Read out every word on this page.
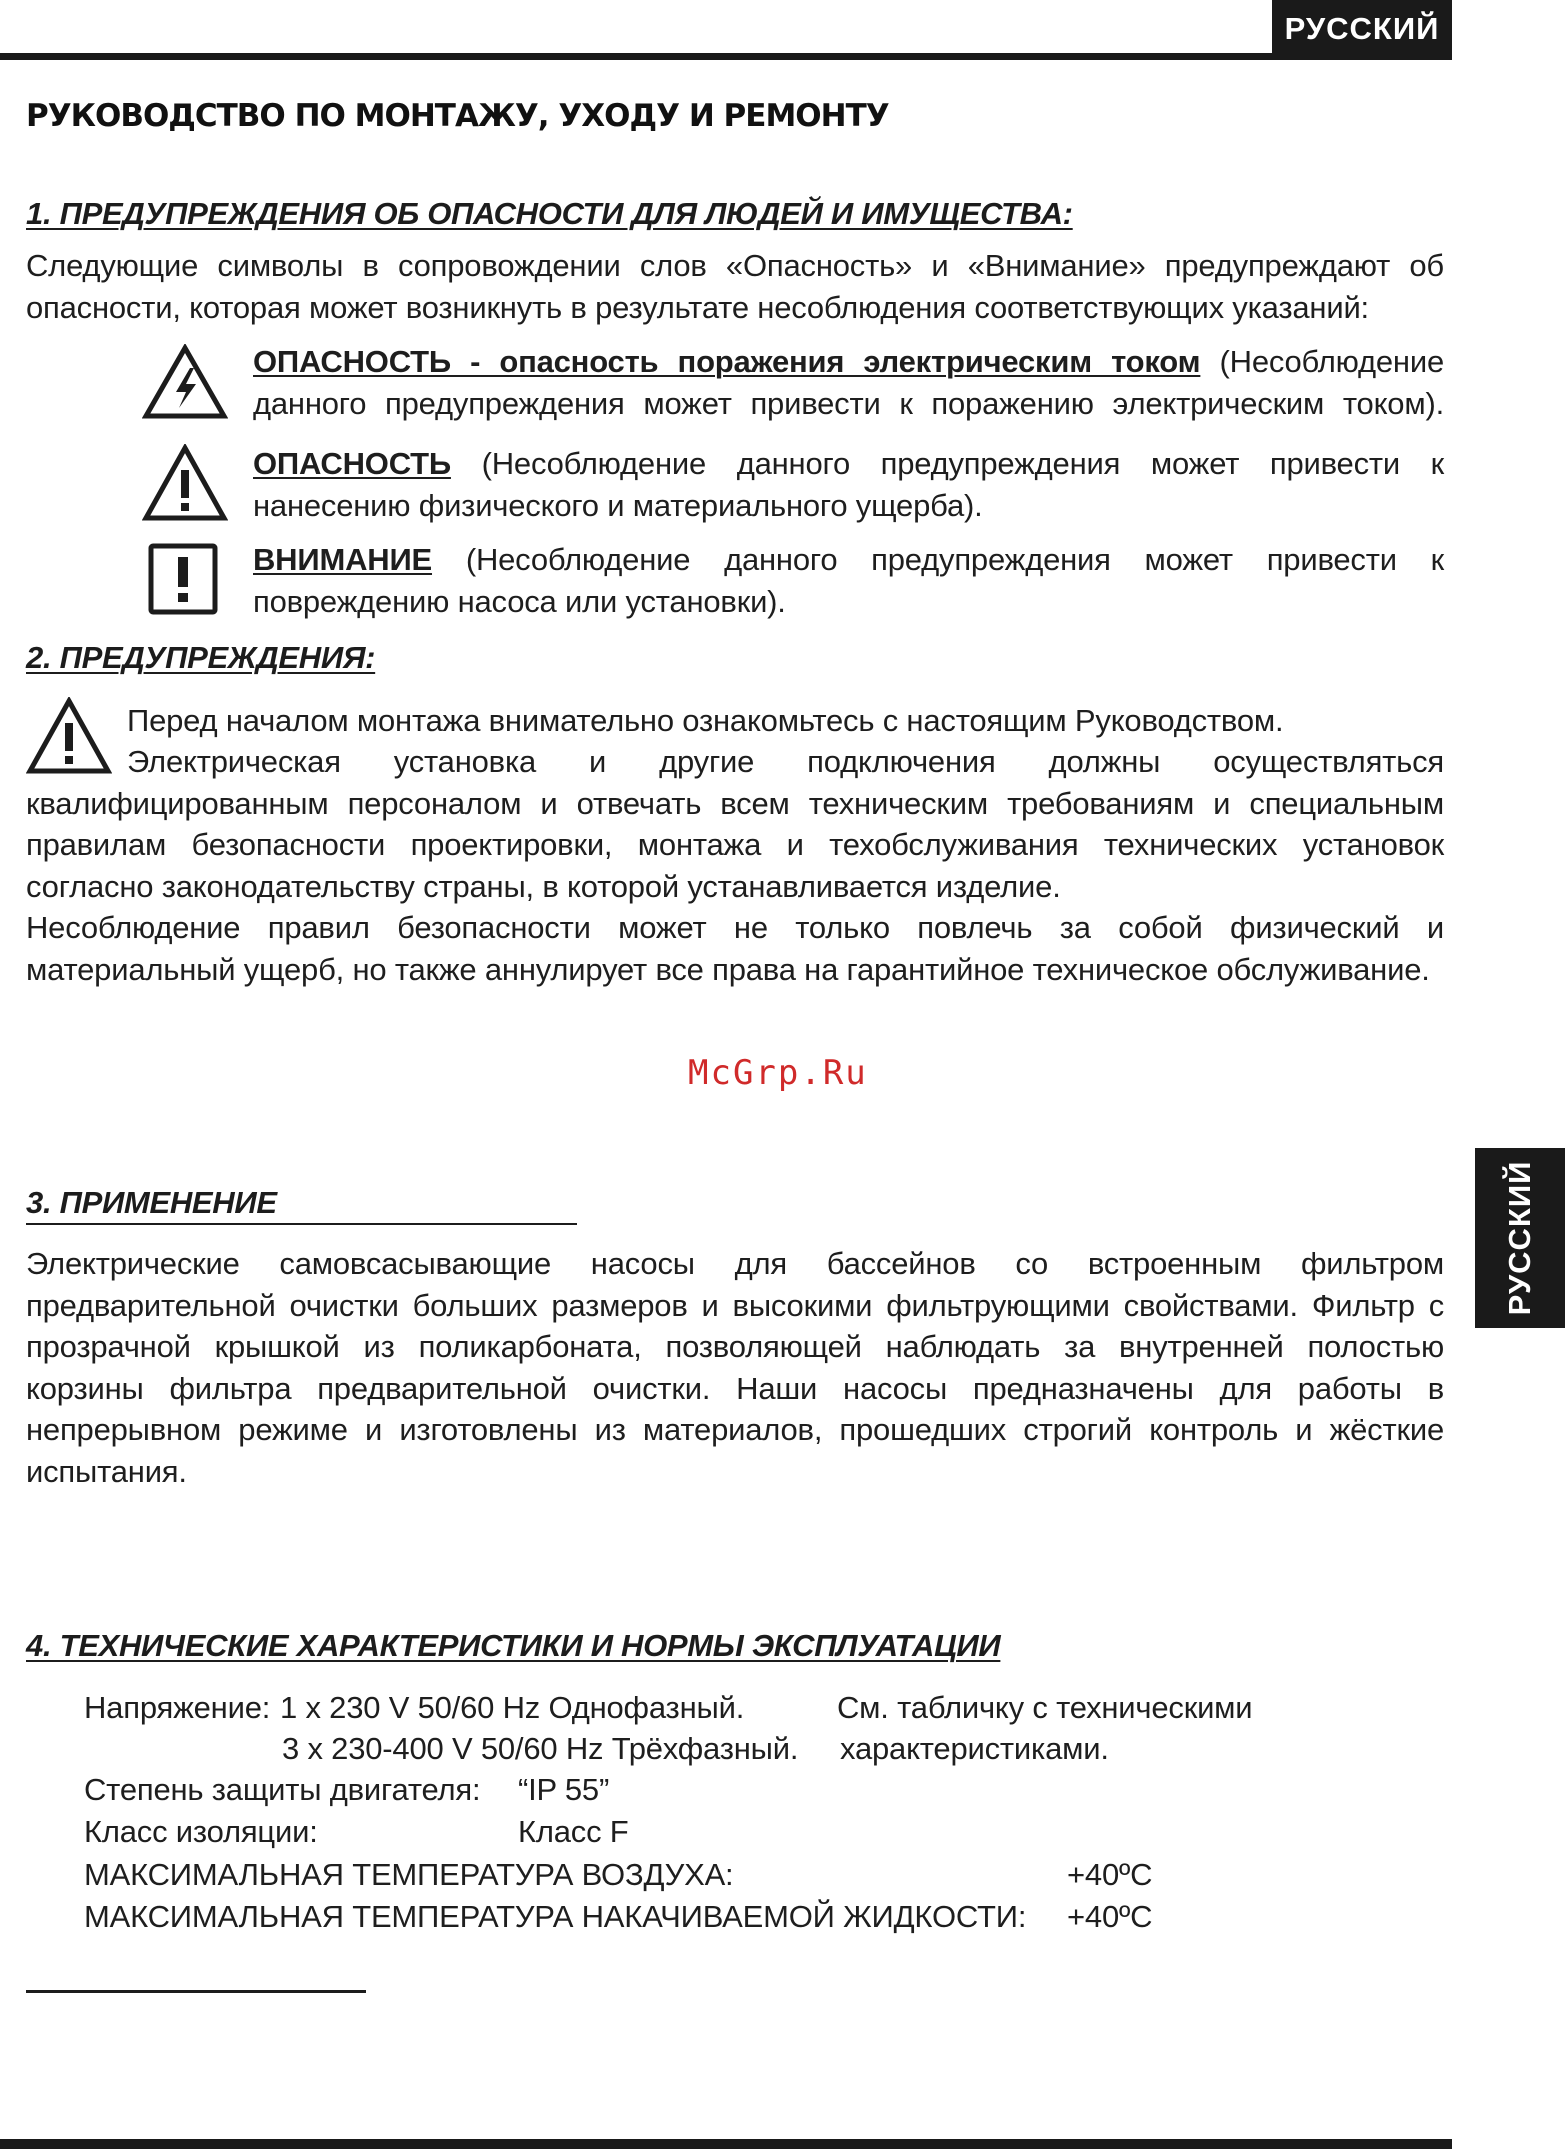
РУССКИЙ
РУССКИЙ
РУКОВОДСТВО ПО МОНТАЖУ, УХОДУ И РЕМОНТУ
1. ПРЕДУПРЕЖДЕНИЯ ОБ ОПАСНОСТИ ДЛЯ ЛЮДЕЙ И ИМУЩЕСТВА:
Следующие символы в сопровождении слов «Опасность» и «Внимание» предупреждают об опасности, которая может возникнуть в результате несоблюдения соответствующих указаний:
ОПАСНОСТЬ - опасность поражения электрическим током (Несоблюдение данного предупреждения может привести к поражению электрическим током).
ОПАСНОСТЬ (Несоблюдение данного предупреждения может привести к нанесению физического и материального ущерба).
ВНИМАНИЕ (Несоблюдение данного предупреждения может привести к повреждению насоса или установки).
2. ПРЕДУПРЕЖДЕНИЯ:
Перед началом монтажа внимательно ознакомьтесь с настоящим Руководством.
Электрическая установка и другие подключения должны осуществляться квалифицированным персоналом и отвечать всем техническим требованиям и специальным правилам безопасности проектировки, монтажа и техобслуживания технических установок согласно законодательству страны, в которой устанавливается изделие.
Несоблюдение правил безопасности может не только повлечь за собой физический и материальный ущерб, но также аннулирует все права на гарантийное техническое обслуживание.
McGrp.Ru
3. ПРИМЕНЕНИЕ
Электрические самовсасывающие насосы для бассейнов со встроенным фильтром предварительной очистки больших размеров и высокими фильтрующими свойствами. Фильтр с прозрачной крышкой из поликарбоната, позволяющей наблюдать за внутренней полостью корзины фильтра предварительной очистки. Наши насосы предназначены для работы в непрерывном режиме и изготовлены из материалов, прошедших строгий контроль и жёсткие испытания.
4. ТЕХНИЧЕСКИЕ ХАРАКТЕРИСТИКИ И НОРМЫ ЭКСПЛУАТАЦИИ
Напряжение: 1 x 230 V 50/60 Hz Однофазный.	См. табличку с техническими
3 x 230-400 V 50/60 Hz Трёхфазный. характеристиками.
Степень защиты двигателя: “IP 55”
Класс изоляции:	Класс F
МАКСИМАЛЬНАЯ ТЕМПЕРАТУРА ВОЗДУХА:	+40ºC
МАКСИМАЛЬНАЯ ТЕМПЕРАТУРА НАКАЧИВАЕМОЙ ЖИДКОСТИ: +40ºC
